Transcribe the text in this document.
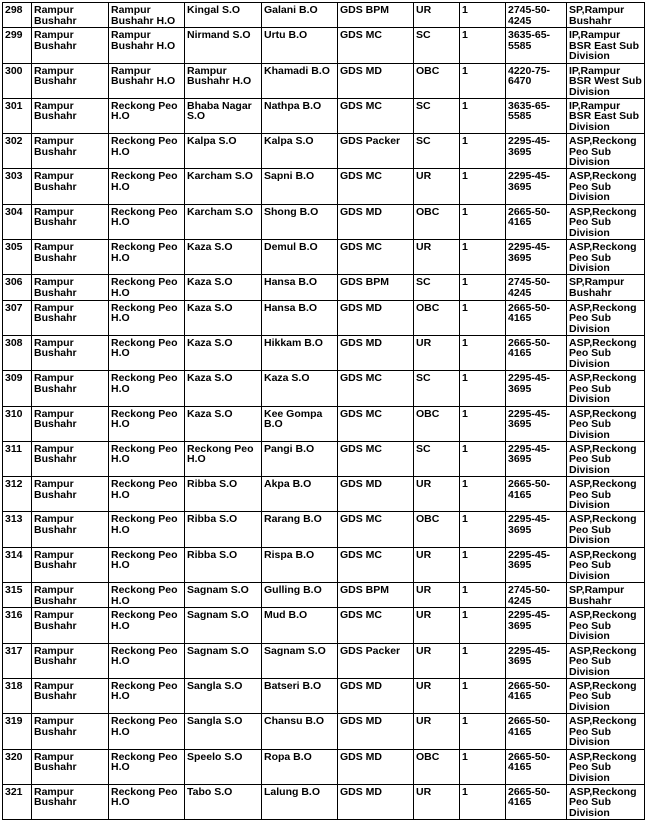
298	Rampur Bushahr	Rampur Bushahr H.O	Kingal S.O	Galani B.O	GDS BPM	UR	1	2745-50-4245	SP,Rampur Bushahr
299	Rampur Bushahr	Rampur Bushahr H.O	Nirmand S.O	Urtu B.O	GDS MC	SC	1	3635-65-5585	IP,Rampur BSR East Sub Division
300	Rampur Bushahr	Rampur Bushahr H.O	Rampur Bushahr H.O	Khamadi B.O	GDS MD	OBC	1	4220-75-6470	IP,Rampur BSR West Sub Division
301	Rampur Bushahr	Reckong Peo H.O	Bhaba Nagar S.O	Nathpa B.O	GDS MC	SC	1	3635-65-5585	IP,Rampur BSR East Sub Division
302	Rampur Bushahr	Reckong Peo H.O	Kalpa S.O	Kalpa S.O	GDS Packer	SC	1	2295-45-3695	ASP,Reckong Peo Sub Division
303	Rampur Bushahr	Reckong Peo H.O	Karcham S.O	Sapni B.O	GDS MC	UR	1	2295-45-3695	ASP,Reckong Peo Sub Division
304	Rampur Bushahr	Reckong Peo H.O	Karcham S.O	Shong B.O	GDS MD	OBC	1	2665-50-4165	ASP,Reckong Peo Sub Division
305	Rampur Bushahr	Reckong Peo H.O	Kaza S.O	Demul B.O	GDS MC	UR	1	2295-45-3695	ASP,Reckong Peo Sub Division
306	Rampur Bushahr	Reckong Peo H.O	Kaza S.O	Hansa B.O	GDS BPM	SC	1	2745-50-4245	SP,Rampur Bushahr
307	Rampur Bushahr	Reckong Peo H.O	Kaza S.O	Hansa B.O	GDS MD	OBC	1	2665-50-4165	ASP,Reckong Peo Sub Division
308	Rampur Bushahr	Reckong Peo H.O	Kaza S.O	Hikkam B.O	GDS MD	UR	1	2665-50-4165	ASP,Reckong Peo Sub Division
309	Rampur Bushahr	Reckong Peo H.O	Kaza S.O	Kaza S.O	GDS MC	SC	1	2295-45-3695	ASP,Reckong Peo Sub Division
310	Rampur Bushahr	Reckong Peo H.O	Kaza S.O	Kee Gompa B.O	GDS MC	OBC	1	2295-45-3695	ASP,Reckong Peo Sub Division
311	Rampur Bushahr	Reckong Peo H.O	Reckong Peo H.O	Pangi B.O	GDS MC	SC	1	2295-45-3695	ASP,Reckong Peo Sub Division
312	Rampur Bushahr	Reckong Peo H.O	Ribba S.O	Akpa B.O	GDS MD	UR	1	2665-50-4165	ASP,Reckong Peo Sub Division
313	Rampur Bushahr	Reckong Peo H.O	Ribba S.O	Rarang B.O	GDS MC	OBC	1	2295-45-3695	ASP,Reckong Peo Sub Division
314	Rampur Bushahr	Reckong Peo H.O	Ribba S.O	Rispa B.O	GDS MC	UR	1	2295-45-3695	ASP,Reckong Peo Sub Division
315	Rampur Bushahr	Reckong Peo H.O	Sagnam S.O	Gulling B.O	GDS BPM	UR	1	2745-50-4245	SP,Rampur Bushahr
316	Rampur Bushahr	Reckong Peo H.O	Sagnam S.O	Mud B.O	GDS MC	UR	1	2295-45-3695	ASP,Reckong Peo Sub Division
317	Rampur Bushahr	Reckong Peo H.O	Sagnam S.O	Sagnam S.O	GDS Packer	UR	1	2295-45-3695	ASP,Reckong Peo Sub Division
318	Rampur Bushahr	Reckong Peo H.O	Sangla S.O	Batseri B.O	GDS MD	UR	1	2665-50-4165	ASP,Reckong Peo Sub Division
319	Rampur Bushahr	Reckong Peo H.O	Sangla S.O	Chansu B.O	GDS MD	UR	1	2665-50-4165	ASP,Reckong Peo Sub Division
320	Rampur Bushahr	Reckong Peo H.O	Speelo S.O	Ropa B.O	GDS MD	OBC	1	2665-50-4165	ASP,Reckong Peo Sub Division
321	Rampur Bushahr	Reckong Peo H.O	Tabo S.O	Lalung B.O	GDS MD	UR	1	2665-50-4165	ASP,Reckong Peo Sub Division
